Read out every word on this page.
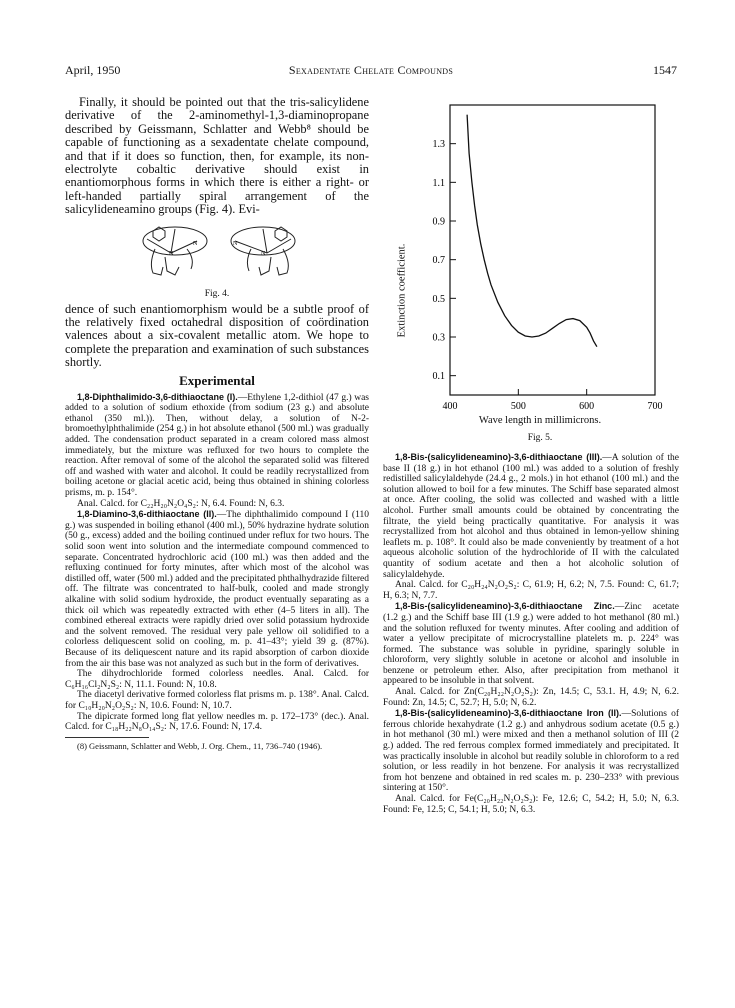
April, 1950	Sexadentate Chelate Compounds	1547

Finally, it should be pointed out that the tris-salicylidene derivative of the 2-aminomethyl-1,3-diaminopropane described by Geissmann, Schlatter and Webb⁸ should be capable of functioning as a sexadentate chelate compound, and that if it does so function, then, for example, its non-electrolyte cobaltic derivative should exist in enantiomorphous forms in which there is either a right- or left-handed partially spiral arrangement of the salicylideneamino groups (Fig. 4). Evi-

N
N
N
N
Fig. 4.

dence of such enantiomorphism would be a subtle proof of the relatively fixed octahedral disposition of coördination valences about a six-covalent metallic atom. We hope to complete the preparation and examination of such substances shortly.

Experimental

1,8-Diphthalimido-3,6-dithiaoctane (I).—Ethylene 1,2-dithiol (47 g.) was added to a solution of sodium ethoxide (from sodium (23 g.) and absolute ethanol (350 ml.)). Then, without delay, a solution of N-2-bromoethylphthalimide (254 g.) in hot absolute ethanol (500 ml.) was gradually added. The condensation product separated in a cream colored mass almost immediately, but the mixture was refluxed for two hours to complete the reaction. After removal of some of the alcohol the separated solid was filtered off and washed with water and alcohol. It could be readily recrystallized from boiling acetone or glacial acetic acid, being thus obtained in shining colorless prisms, m. p. 154°.

Anal. Calcd. for C₂₂H₂₀N₂O₄S₂: N, 6.4. Found: N, 6.3.

1,8-Diamino-3,6-dithiaoctane (II).—The diphthalimido compound I (110 g.) was suspended in boiling ethanol (400 ml.), 50% hydrazine hydrate solution (50 g., excess) added and the boiling continued under reflux for two hours. The solid soon went into solution and the intermediate compound commenced to separate. Concentrated hydrochloric acid (100 ml.) was then added and the refluxing continued for forty minutes, after which most of the alcohol was distilled off, water (500 ml.) added and the precipitated phthalhydrazide filtered off. The filtrate was concentrated to half-bulk, cooled and made strongly alkaline with solid sodium hydroxide, the product eventually separating as a thick oil which was repeatedly extracted with ether (4–5 liters in all). The combined ethereal extracts were rapidly dried over solid potassium hydroxide and the solvent removed. The residual very pale yellow oil solidified to a colorless deliquescent solid on cooling, m. p. 41–43°; yield 39 g. (87%). Because of its deliquescent nature and its rapid absorption of carbon dioxide from the air this base was not analyzed as such but in the form of derivatives.

The dihydrochloride formed colorless needles. Anal. Calcd. for C₆H₁₆Cl₂N₂S₂: N, 11.1. Found: N, 10.8.

The diacetyl derivative formed colorless flat prisms m. p. 138°. Anal. Calcd. for C₁₀H₂₀N₂O₂S₂: N, 10.6. Found: N, 10.7.

The dipicrate formed long flat yellow needles m. p. 172–173° (dec.). Anal. Calcd. for C₁₈H₂₂N₈O₁₄S₂: N, 17.6. Found: N, 17.4.

(8) Geissmann, Schlatter and Webb, J. Org. Chem., 11, 736–740 (1946).

0.1
0.3
0.5
0.7
0.9
1.1
1.3
400	500	600	700
Extinction coefficient.
Wave length in millimicrons.
Fig. 5.

1,8-Bis-(salicylideneamino)-3,6-dithiaoctane (III).—A solution of the base II (18 g.) in hot ethanol (100 ml.) was added to a solution of freshly redistilled salicylaldehyde (24.4 g., 2 mols.) in hot ethanol (100 ml.) and the solution allowed to boil for a few minutes. The Schiff base separated almost at once. After cooling, the solid was collected and washed with a little alcohol. Further small amounts could be obtained by concentrating the filtrate, the yield being practically quantitative. For analysis it was recrystallized from hot alcohol and thus obtained in lemon-yellow shining leaflets m. p. 108°. It could also be made conveniently by treatment of a hot aqueous alcoholic solution of the hydrochloride of II with the calculated quantity of sodium acetate and then a hot alcoholic solution of salicylaldehyde.

Anal. Calcd. for C₂₀H₂₄N₂O₂S₂: C, 61.9; H, 6.2; N, 7.5. Found: C, 61.7; H, 6.3; N, 7.7.

1,8-Bis-(salicylideneamino)-3,6-dithiaoctane Zinc.—Zinc acetate (1.2 g.) and the Schiff base III (1.9 g.) were added to hot methanol (80 ml.) and the solution refluxed for twenty minutes. After cooling and addition of water a yellow precipitate of microcrystalline platelets m. p. 224° was formed. The substance was soluble in pyridine, sparingly soluble in chloroform, very slightly soluble in acetone or alcohol and insoluble in benzene or petroleum ether. Also, after precipitation from methanol it appeared to be insoluble in that solvent.

Anal. Calcd. for Zn(C₂₀H₂₂N₂O₂S₂): Zn, 14.5; C, 53.1. H, 4.9; N, 6.2. Found: Zn, 14.5; C, 52.7; H, 5.0; N, 6.2.

1,8-Bis-(salicylideneamino)-3,6-dithiaoctane Iron (II).—Solutions of ferrous chloride hexahydrate (1.2 g.) and anhydrous sodium acetate (0.5 g.) in hot methanol (30 ml.) were mixed and then a methanol solution of III (2 g.) added. The red ferrous complex formed immediately and precipitated. It was practically insoluble in alcohol but readily soluble in chloroform to a red solution, or less readily in hot benzene. For analysis it was recrystallized from hot benzene and obtained in red scales m. p. 230–233° with previous sintering at 150°.

Anal. Calcd. for Fe(C₂₀H₂₂N₂O₂S₂): Fe, 12.6; C, 54.2; H, 5.0; N, 6.3. Found: Fe, 12.5; C, 54.1; H, 5.0; N, 6.3.
